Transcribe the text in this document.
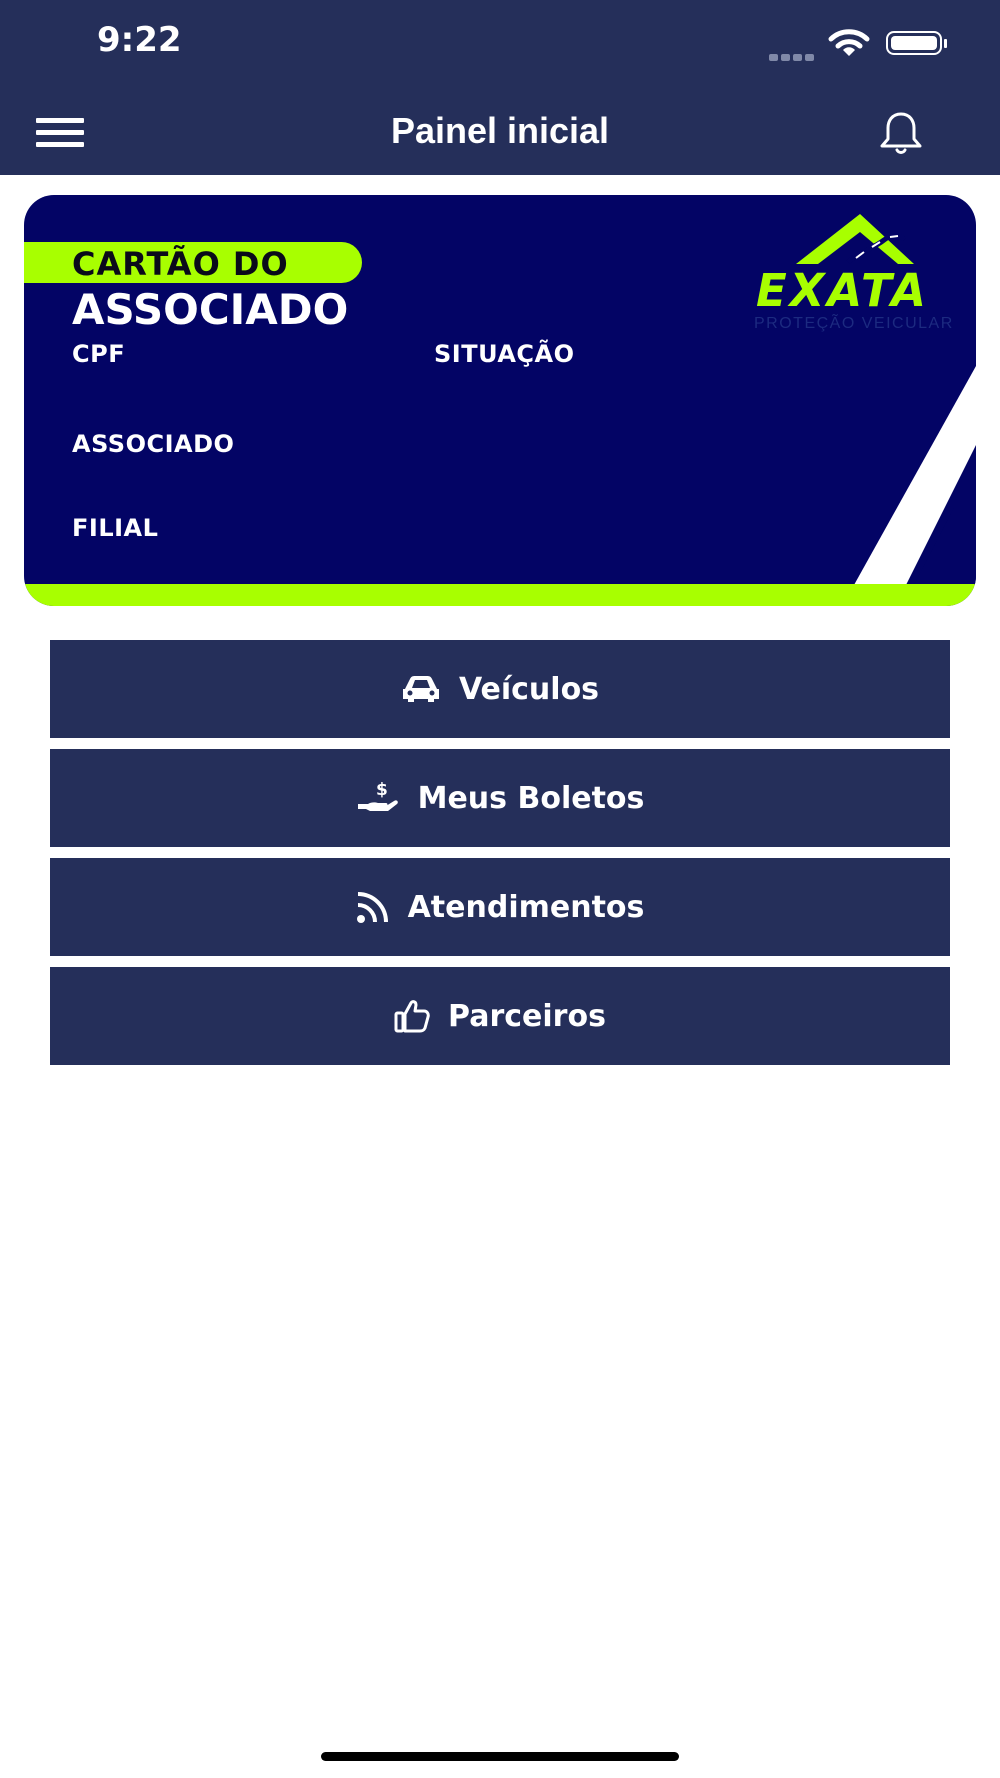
9:22
Painel inicial
CARTÃO DO
ASSOCIADO	EXATA
PROTEÇÃO VEICULAR
CPF	SITUAÇÃO
ASSOCIADO
FILIAL
Veículos
$ Meus Boletos
Atendimentos
Parceiros
